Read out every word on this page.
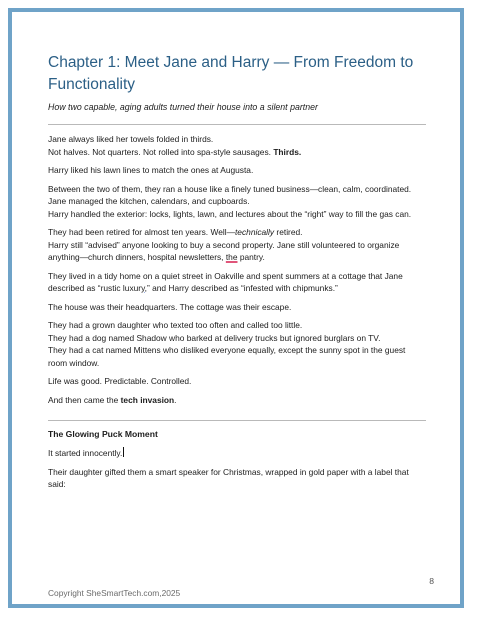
Chapter 1: Meet Jane and Harry — From Freedom to Functionality
How two capable, aging adults turned their house into a silent partner

Jane always liked her towels folded in thirds.
Not halves. Not quarters. Not rolled into spa-style sausages. Thirds.

Harry liked his lawn lines to match the ones at Augusta.

Between the two of them, they ran a house like a finely tuned business—clean, calm, coordinated.
Jane managed the kitchen, calendars, and cupboards.
Harry handled the exterior: locks, lights, lawn, and lectures about the “right” way to fill the gas can.

They had been retired for almost ten years. Well—technically retired.
Harry still “advised” anyone looking to buy a second property. Jane still volunteered to organize anything—church dinners, hospital newsletters, the pantry.

They lived in a tidy home on a quiet street in Oakville and spent summers at a cottage that Jane described as “rustic luxury,” and Harry described as “infested with chipmunks.”

The house was their headquarters. The cottage was their escape.

They had a grown daughter who texted too often and called too little.
They had a dog named Shadow who barked at delivery trucks but ignored burglars on TV.
They had a cat named Mittens who disliked everyone equally, except the sunny spot in the guest room window.

Life was good. Predictable. Controlled.

And then came the tech invasion.

The Glowing Puck Moment

It started innocently.

Their daughter gifted them a smart speaker for Christmas, wrapped in gold paper with a label that said:

8
Copyright SheSmartTech.com,2025
